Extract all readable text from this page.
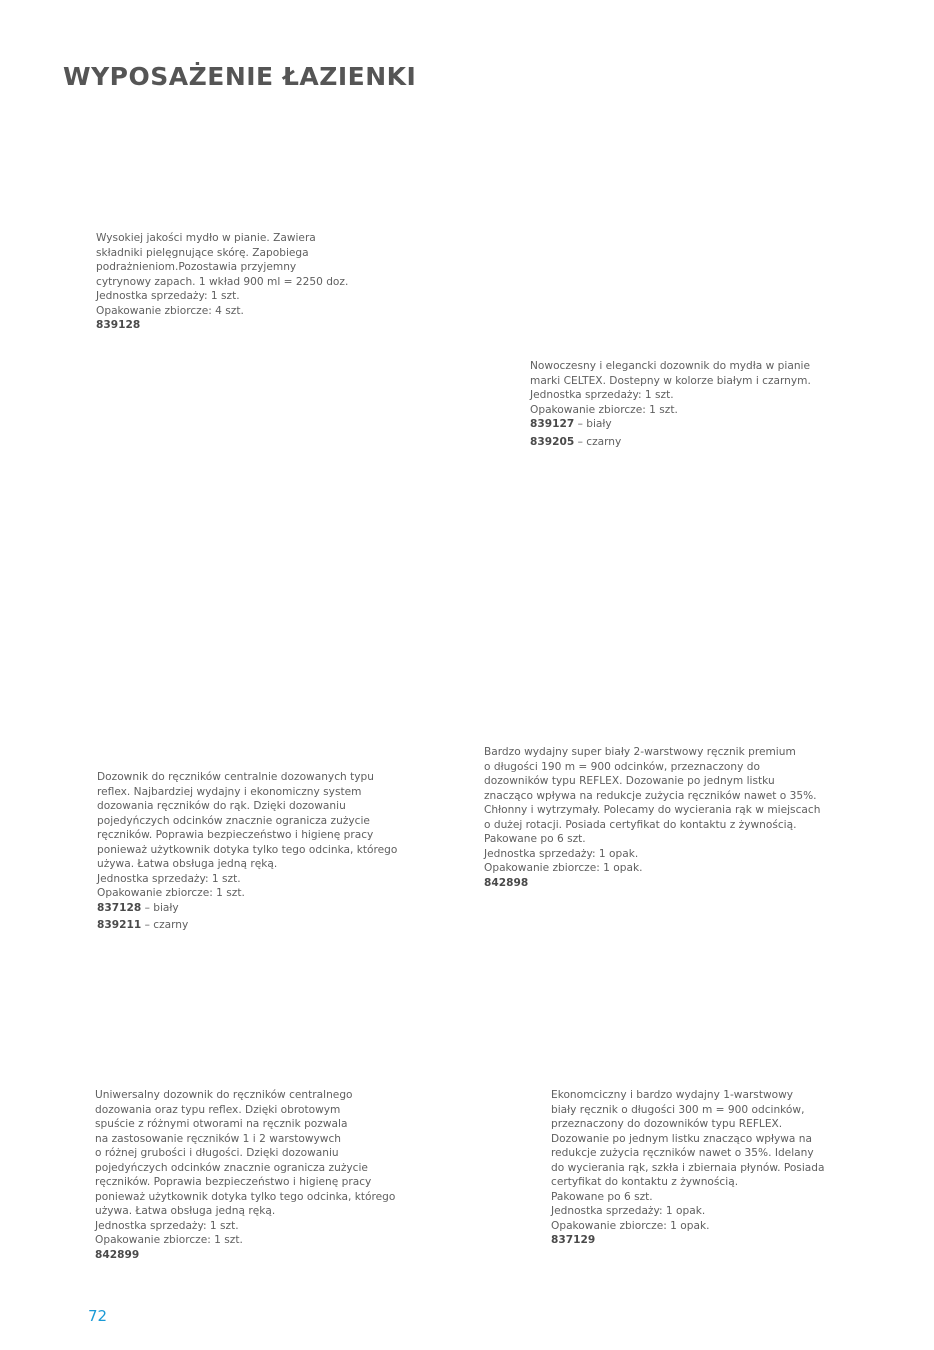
WYPOSAŻENIE ŁAZIENKI
Wysokiej jakości mydło w pianie. Zawiera
składniki pielęgnujące skórę. Zapobiega
podrażnieniom.Pozostawia przyjemny
cytrynowy zapach. 1 wkład 900 ml = 2250 doz.
Jednostka sprzedaży: 1 szt.
Opakowanie zbiorcze: 4 szt.
839128
Nowoczesny i elegancki dozownik do mydła w pianie
marki CELTEX. Dostepny w kolorze białym i czarnym.
Jednostka sprzedaży: 1 szt.
Opakowanie zbiorcze: 1 szt.
839127 – biały
839205 – czarny
Dozownik do ręczników centralnie dozowanych typu
reflex. Najbardziej wydajny i ekonomiczny system
dozowania ręczników do rąk. Dzięki dozowaniu
pojedyńczych odcinków znacznie ogranicza zużycie
ręczników. Poprawia bezpieczeństwo i higienę pracy
ponieważ użytkownik dotyka tylko tego odcinka, którego
używa. Łatwa obsługa jedną ręką.
Jednostka sprzedaży: 1 szt.
Opakowanie zbiorcze: 1 szt.
837128 – biały
839211 – czarny
Bardzo wydajny super biały 2-warstwowy ręcznik premium
o długości 190 m = 900 odcinków, przeznaczony do
dozowników typu REFLEX. Dozowanie po jednym listku
znacząco wpływa na redukcje zużycia ręczników nawet o 35%.
Chłonny i wytrzymały. Polecamy do wycierania rąk w miejscach
o dużej rotacji. Posiada certyfikat do kontaktu z żywnością.
Pakowane po 6 szt.
Jednostka sprzedaży: 1 opak.
Opakowanie zbiorcze: 1 opak.
842898
Uniwersalny dozownik do ręczników centralnego
dozowania oraz typu reflex. Dzięki obrotowym
spuście z różnymi otworami na ręcznik pozwala
na zastosowanie ręczników 1 i 2 warstowywch
o różnej grubości i długości. Dzięki dozowaniu
pojedyńczych odcinków znacznie ogranicza zużycie
ręczników. Poprawia bezpieczeństwo i higienę pracy
ponieważ użytkownik dotyka tylko tego odcinka, którego
używa. Łatwa obsługa jedną ręką.
Jednostka sprzedaży: 1 szt.
Opakowanie zbiorcze: 1 szt.
842899
Ekonomciczny i bardzo wydajny 1-warstwowy
biały ręcznik o długości 300 m = 900 odcinków,
przeznaczony do dozowników typu REFLEX.
Dozowanie po jednym listku znacząco wpływa na
redukcje zużycia ręczników nawet o 35%. Idelany
do wycierania rąk, szkła i zbiernaia płynów. Posiada
certyfikat do kontaktu z żywnością.
Pakowane po 6 szt.
Jednostka sprzedaży: 1 opak.
Opakowanie zbiorcze: 1 opak.
837129
72
